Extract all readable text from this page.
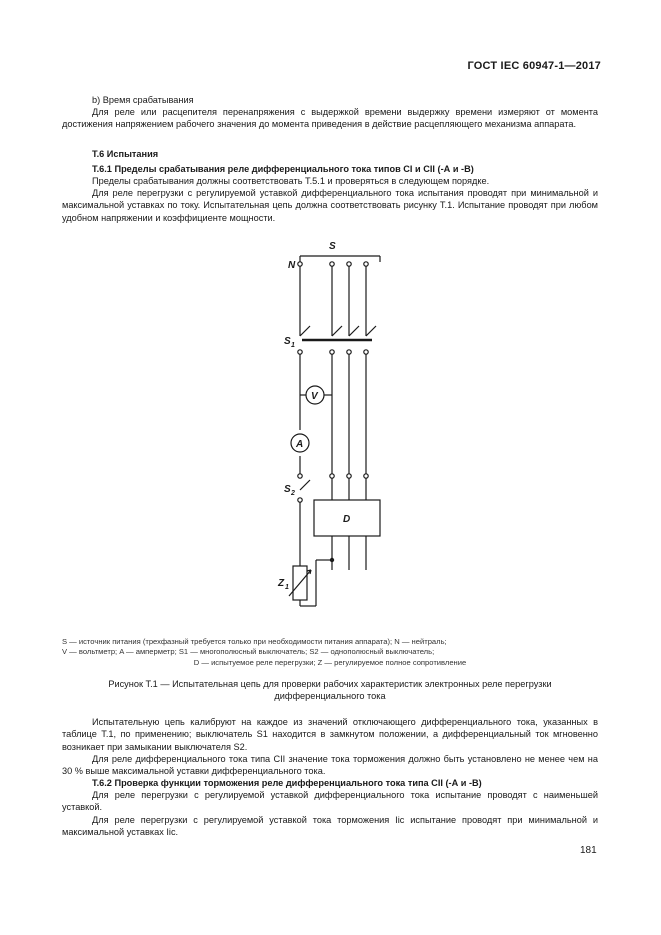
ГОСТ IEC 60947-1—2017
b) Время срабатывания
Для реле или расцепителя перенапряжения с выдержкой времени выдержку времени измеряют от момента достижения напряжением рабочего значения до момента приведения в действие расцепляющего механизма аппарата.
T.6 Испытания
T.6.1 Пределы срабатывания реле дифференциального тока типов CI и CII (-А и -В)
Пределы срабатывания должны соответствовать Т.5.1 и проверяться в следующем порядке.
Для реле перегрузки с регулируемой уставкой дифференциального тока испытания проводят при минимальной и максимальной уставках по току. Испытательная цепь должна соответствовать рисунку Т.1. Испытание проводят при любом удобном напряжении и коэффициенте мощности.
S
N
S 1
S 2
V
A
D
Z 1
S — источник питания (трехфазный требуется только при необходимости питания аппарата); N — нейтраль;
V — вольтметр; A — амперметр; S1 — многополюсный выключатель; S2 — однополюсный выключатель;
D — испытуемое реле перегрузки; Z — регулируемое полное сопротивление
Рисунок Т.1 — Испытательная цепь для проверки рабочих характеристик электронных реле перегрузки
дифференциального тока
Испытательную цепь калибруют на каждое из значений отключающего дифференциального тока, указанных в таблице Т.1, по применению; выключатель S1 находится в замкнутом положении, а дифференциальный ток мгновенно возникает при замыкании выключателя S2.
Для реле дифференциального тока типа CII значение тока торможения должно быть установлено не менее чем на 30 % выше максимальной уставки дифференциального тока.
T.6.2 Проверка функции торможения реле дифференциального тока типа CII (-А и -В)
Для реле перегрузки с регулируемой уставкой дифференциального тока испытание проводят с наименьшей уставкой.
Для реле перегрузки с регулируемой уставкой тока торможения Iic испытание проводят при минимальной и максимальной уставках Iic.
181
